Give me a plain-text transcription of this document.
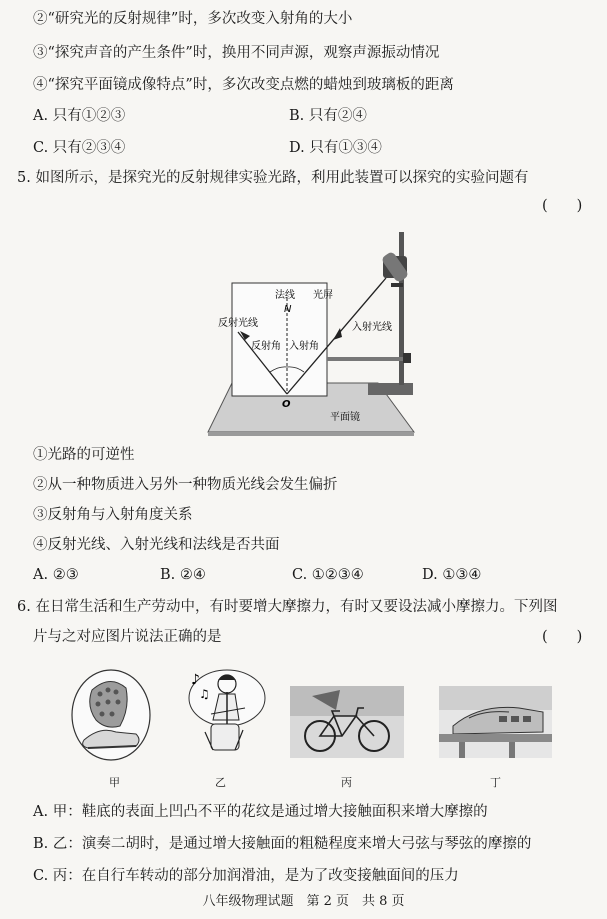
②“研究光的反射规律”时，多次改变入射角的大小
③“探究声音的产生条件”时，换用不同声源，观察声源振动情况
④“探究平面镜成像特点”时，多次改变点燃的蜡烛到玻璃板的距离
A. 只有①②③	B. 只有②④
C. 只有②③④	D. 只有①③④
5. 如图所示，是探究光的反射规律实验光路，利用此装置可以探究的实验问题有
(　　)
法线
N
光屏
反射光线	入射光线
反射角 入射角
O
平面镜
①光路的可逆性
②从一种物质进入另外一种物质光线会发生偏折
③反射角与入射角度关系
④反射光线、入射光线和法线是否共面
A. ②③	B. ②④	C. ①②③④	D. ①③④
6. 在日常生活和生产劳动中，有时要增大摩擦力，有时又要设法减小摩擦力。下列图
片与之对应图片说法正确的是	(　　)
♪
♫
甲	乙	丙	丁
A. 甲：鞋底的表面上凹凸不平的花纹是通过增大接触面积来增大摩擦的
B. 乙：演奏二胡时，是通过增大接触面的粗糙程度来增大弓弦与琴弦的摩擦的
C. 丙：在自行车转动的部分加润滑油，是为了改变接触面间的压力
八年级物理试题　第 2 页　共 8 页
